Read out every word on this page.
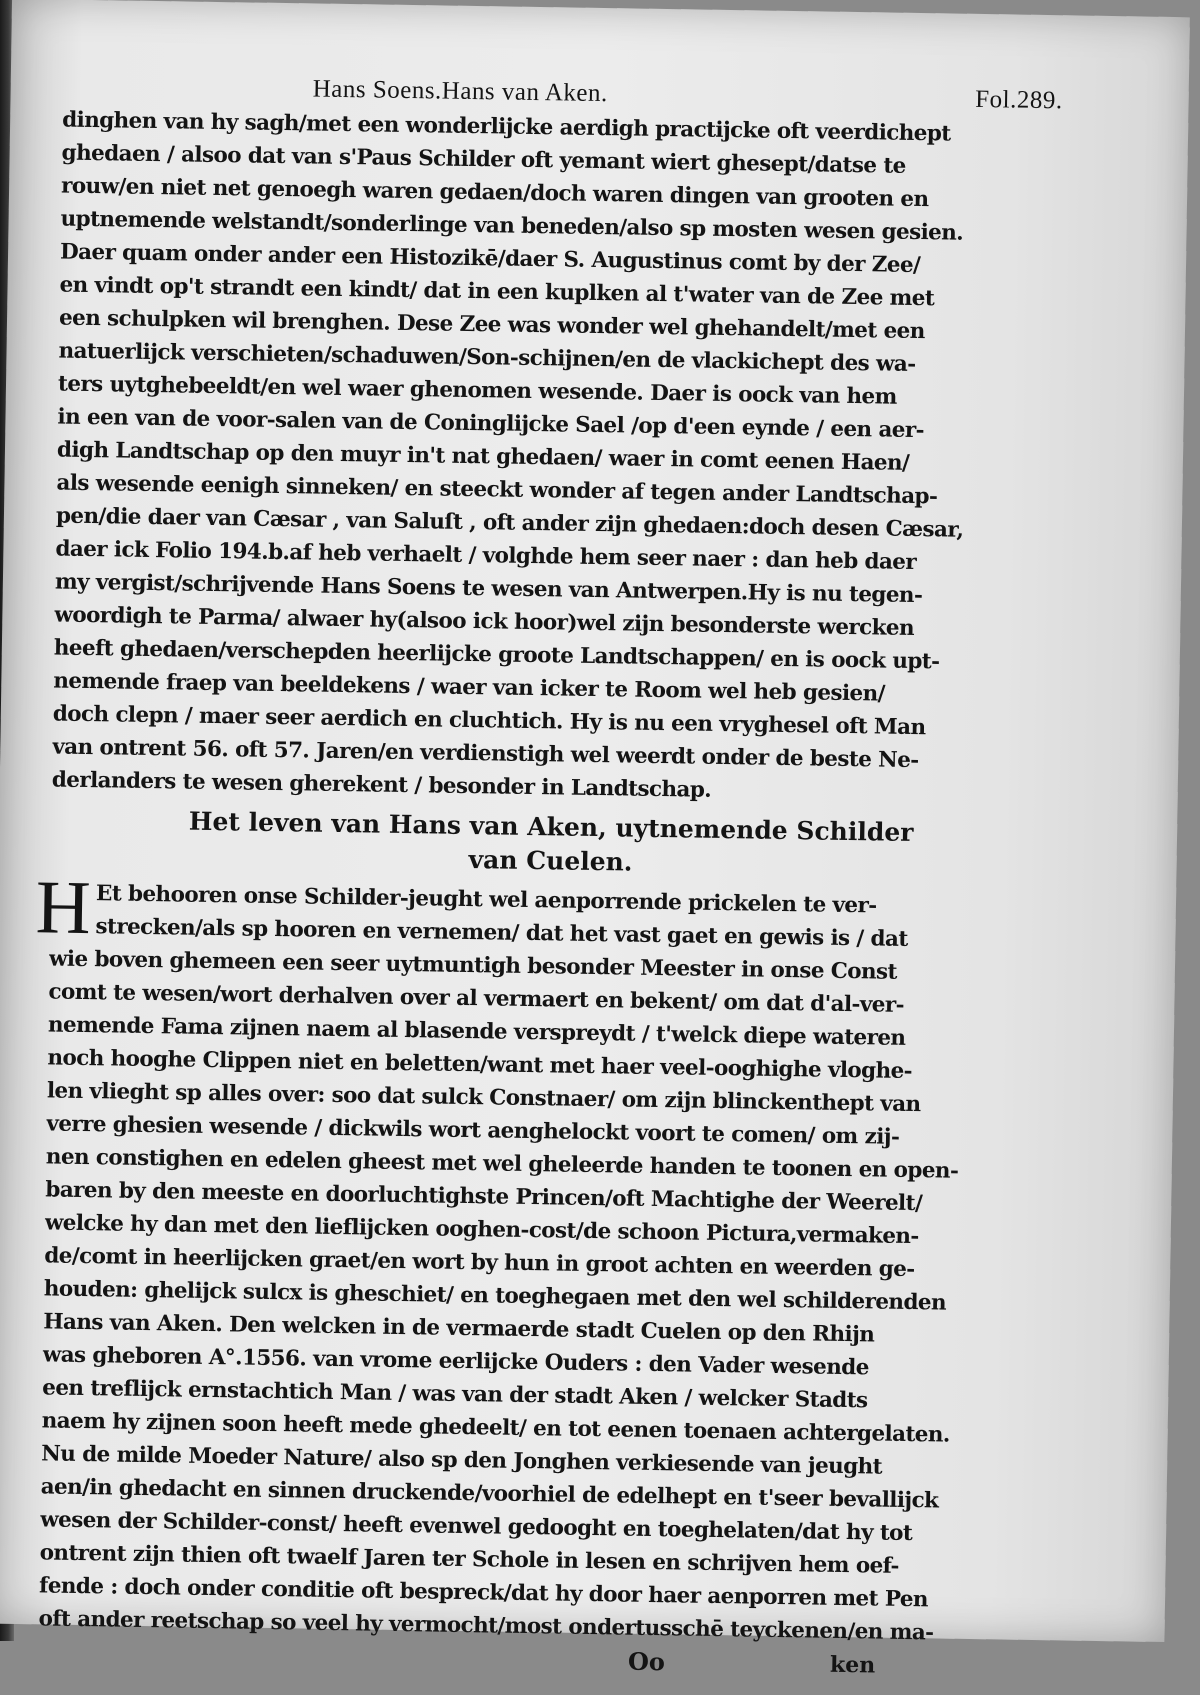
Hans Soens.Hans van Aken.	Fol.289.
dinghen van hy sagh/met een wonderlijcke aerdigh practijcke oft veerdichept
ghedaen / alsoo dat van s'Paus Schilder oft yemant wiert ghesept/datse te
rouw/en niet net genoegh waren gedaen/doch waren dingen van grooten en
uptnemende welstandt/sonderlinge van beneden/also sp mosten wesen gesien.
Daer quam onder ander een Histozikē/daer S. Augustinus comt by der Zee/
en vindt op't strandt een kindt/ dat in een kuplken al t'water van de Zee met
een schulpken wil brenghen. Dese Zee was wonder wel ghehandelt/met een
natuerlijck verschieten/schaduwen/Son-schijnen/en de vlackichept des wa-
ters uytghebeeldt/en wel waer ghenomen wesende. Daer is oock van hem
in een van de voor-salen van de Coninglijcke Sael /op d'een eynde / een aer-
digh Landtschap op den muyr in't nat ghedaen/ waer in comt eenen Haen/
als wesende eenigh sinneken/ en steeckt wonder af tegen ander Landtschap-
pen/die daer van Cæsar , van Saluſt , oft ander zijn ghedaen:doch desen Cæsar,
daer ick Folio 194.b.af heb verhaelt / volghde hem seer naer : dan heb daer
my vergist/schrijvende Hans Soens te wesen van Antwerpen.Hy is nu tegen-
woordigh te Parma/ alwaer hy(alsoo ick hoor)wel zijn besonderste wercken
heeft ghedaen/verschepden heerlijcke groote Landtschappen/ en is oock upt-
nemende fraep van beeldekens / waer van icker te Room wel heb gesien/
doch clepn / maer seer aerdich en cluchtich. Hy is nu een vryghesel oft Man
van ontrent 56. oft 57. Jaren/en verdienstigh wel weerdt onder de beste Ne-
derlanders te wesen gherekent / besonder in Landtschap.
Het leven van Hans van Aken, uytnemende Schilder
van Cuelen.
H Et behooren onse Schilder-jeught wel aenporrende prickelen te ver-
strecken/als sp hooren en vernemen/ dat het vast gaet en gewis is / dat
wie boven ghemeen een seer uytmuntigh besonder Meester in onse Const
comt te wesen/wort derhalven over al vermaert en bekent/ om dat d'al-ver-
nemende Fama zijnen naem al blasende verspreydt / t'welck diepe wateren
noch hooghe Clippen niet en beletten/want met haer veel-ooghighe vloghe-
len vlieght sp alles over: soo dat sulck Constnaer/ om zijn blinckenthept van
verre ghesien wesende / dickwils wort aenghelockt voort te comen/ om zij-
nen constighen en edelen gheest met wel gheleerde handen te toonen en open-
baren by den meeste en doorluchtighste Princen/oft Machtighe der Weerelt/
welcke hy dan met den lieflijcken ooghen-cost/de schoon Pictura,vermaken-
de/comt in heerlijcken graet/en wort by hun in groot achten en weerden ge-
houden: ghelijck sulcx is gheschiet/ en toeghegaen met den wel schilderenden
Hans van Aken. Den welcken in de vermaerde stadt Cuelen op den Rhijn
was gheboren A°.1556. van vrome eerlijcke Ouders : den Vader wesende
een treflijck ernstachtich Man / was van der stadt Aken / welcker Stadts
naem hy zijnen soon heeft mede ghedeelt/ en tot eenen toenaen achtergelaten.
Nu de milde Moeder Nature/ also sp den Jonghen verkiesende van jeught
aen/in ghedacht en sinnen druckende/voorhiel de edelhept en t'seer bevallijck
wesen der Schilder-const/ heeft evenwel gedooght en toeghelaten/dat hy tot
ontrent zijn thien oft twaelf Jaren ter Schole in lesen en schrijven hem oef-
fende : doch onder conditie oft bespreck/dat hy door haer aenporren met Pen
oft ander reetschap so veel hy vermocht/most ondertusschē teyckenen/en ma-
Oo	ken
